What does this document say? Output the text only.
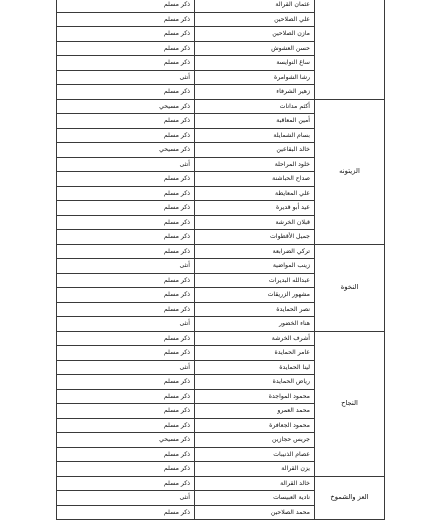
	عثمان القرالة	ذكر مسلم
	علي الصلاحين	ذكر مسلم
	مازن الصلاحين	ذكر مسلم
	حسن العشوش	ذكر مسلم
	ساغ النوايسة	ذكر مسلم
	رشا الشوامرة	أنثى
	زهير الشرفاء	ذكر مسلم
الزيتونه	أكثم مدانات	ذكر مسيحي
	أمين المعاقبة	ذكر مسلم
	بسام الشمايلة	ذكر مسلم
	خالد البقاعين	ذكر مسيحي
	خلود المراحلة	أنثى
	صداح الحباشنة	ذكر مسلم
	علي المعايطة	ذكر مسلم
	عيد أبو قديرة	ذكر مسلم
	قبلان الخرشة	ذكر مسلم
	جميل الأقطوات	ذكر مسلم
النخوة	تركي الضرابعة	ذكر مسلم
	زينب المواضية	أنثى
	عبدالله البديرات	ذكر مسلم
	مشهور الزريقات	ذكر مسلم
	نصر الحمايدة	ذكر مسلم
	هناء الخضور	أنثى
النجاح	أشرف الخرشة	ذكر مسلم
	عامر الحمايدة	ذكر مسلم
	لينا الحمايدة	أنثى
	رياض الحمايدة	ذكر مسلم
	محمود المواجدة	ذكر مسلم
	محمد العمرو	ذكر مسلم
	محمود الجعافرة	ذكر مسلم
	جريس حجازين	ذكر مسيحي
	عصام الذنيبات	ذكر مسلم
	يزن القرالة	ذكر مسلم
العز والشموخ	خالد القرالة	ذكر مسلم
	نادية العبيسات	أنثى
	محمد الصلاحين	ذكر مسلم
